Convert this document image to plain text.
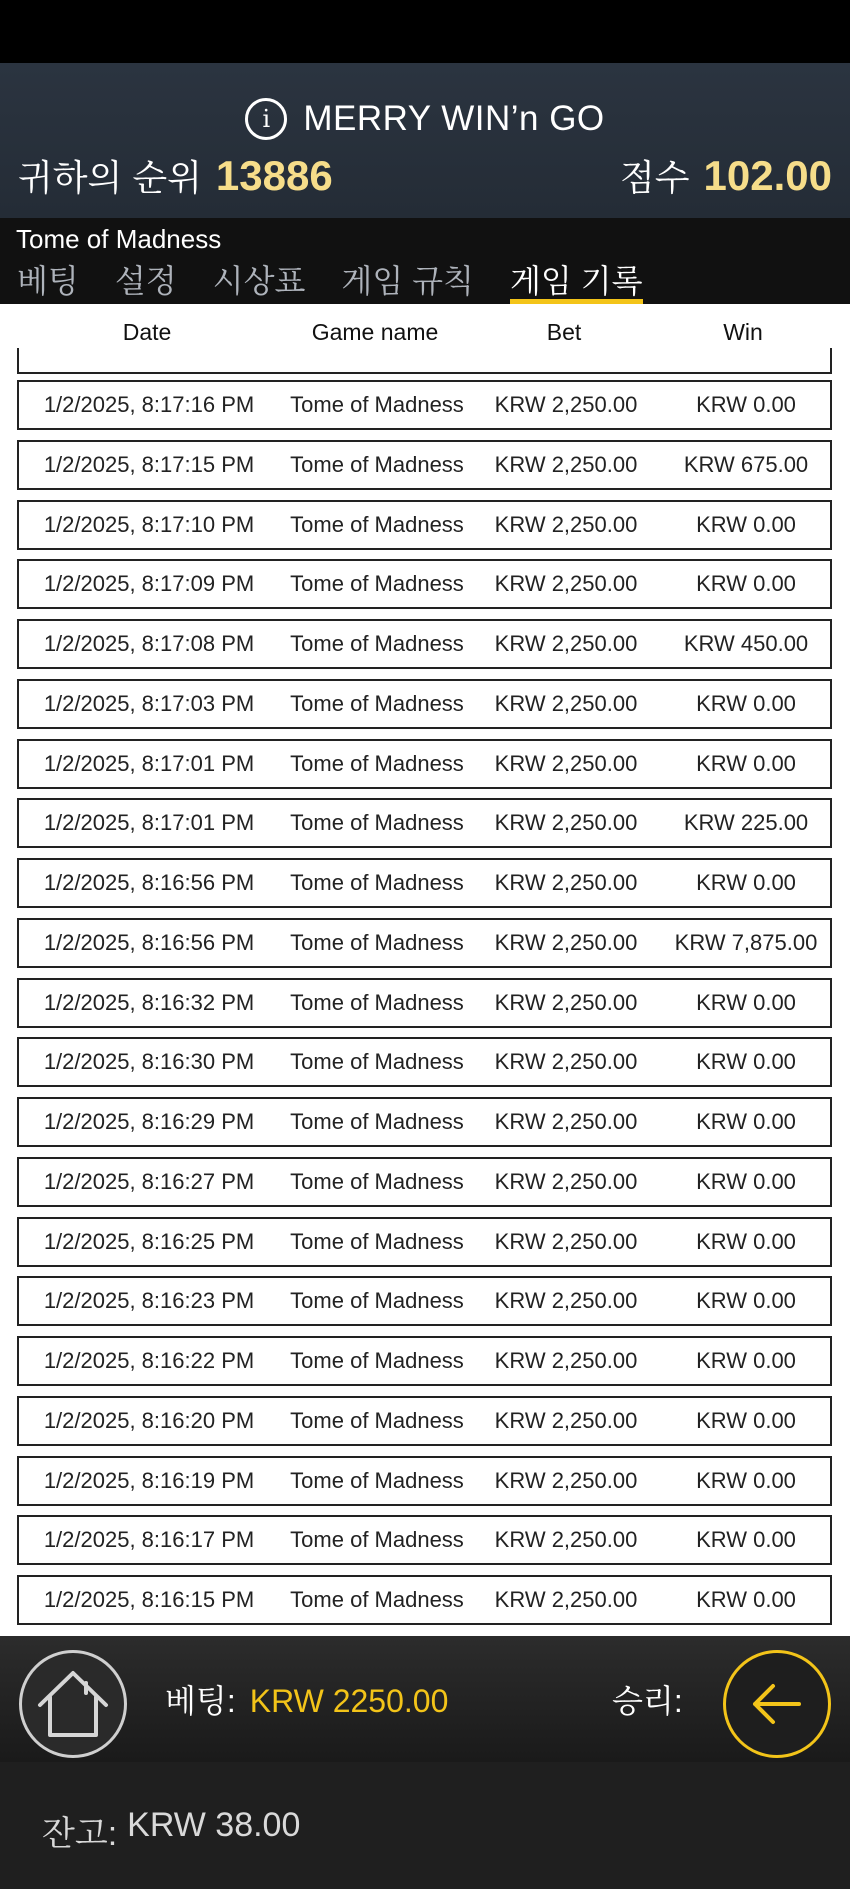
i MERRY WIN’n GO
귀하의 순위 13886	점수 102.00
Tome of Madness
베팅 설정 시상표 게임 규칙 게임 기록
Date	Game name	Bet	Win
1/2/2025, 8:17:16 PM	Tome of Madness	KRW 2,250.00	KRW 0.00
1/2/2025, 8:17:15 PM	Tome of Madness	KRW 2,250.00	KRW 675.00
1/2/2025, 8:17:10 PM	Tome of Madness	KRW 2,250.00	KRW 0.00
1/2/2025, 8:17:09 PM	Tome of Madness	KRW 2,250.00	KRW 0.00
1/2/2025, 8:17:08 PM	Tome of Madness	KRW 2,250.00	KRW 450.00
1/2/2025, 8:17:03 PM	Tome of Madness	KRW 2,250.00	KRW 0.00
1/2/2025, 8:17:01 PM	Tome of Madness	KRW 2,250.00	KRW 0.00
1/2/2025, 8:17:01 PM	Tome of Madness	KRW 2,250.00	KRW 225.00
1/2/2025, 8:16:56 PM	Tome of Madness	KRW 2,250.00	KRW 0.00
1/2/2025, 8:16:56 PM	Tome of Madness	KRW 2,250.00	KRW 7,875.00
1/2/2025, 8:16:32 PM	Tome of Madness	KRW 2,250.00	KRW 0.00
1/2/2025, 8:16:30 PM	Tome of Madness	KRW 2,250.00	KRW 0.00
1/2/2025, 8:16:29 PM	Tome of Madness	KRW 2,250.00	KRW 0.00
1/2/2025, 8:16:27 PM	Tome of Madness	KRW 2,250.00	KRW 0.00
1/2/2025, 8:16:25 PM	Tome of Madness	KRW 2,250.00	KRW 0.00
1/2/2025, 8:16:23 PM	Tome of Madness	KRW 2,250.00	KRW 0.00
1/2/2025, 8:16:22 PM	Tome of Madness	KRW 2,250.00	KRW 0.00
1/2/2025, 8:16:20 PM	Tome of Madness	KRW 2,250.00	KRW 0.00
1/2/2025, 8:16:19 PM	Tome of Madness	KRW 2,250.00	KRW 0.00
1/2/2025, 8:16:17 PM	Tome of Madness	KRW 2,250.00	KRW 0.00
1/2/2025, 8:16:15 PM	Tome of Madness	KRW 2,250.00	KRW 0.00
베팅: KRW 2250.00	승리:
잔고: KRW 38.00
